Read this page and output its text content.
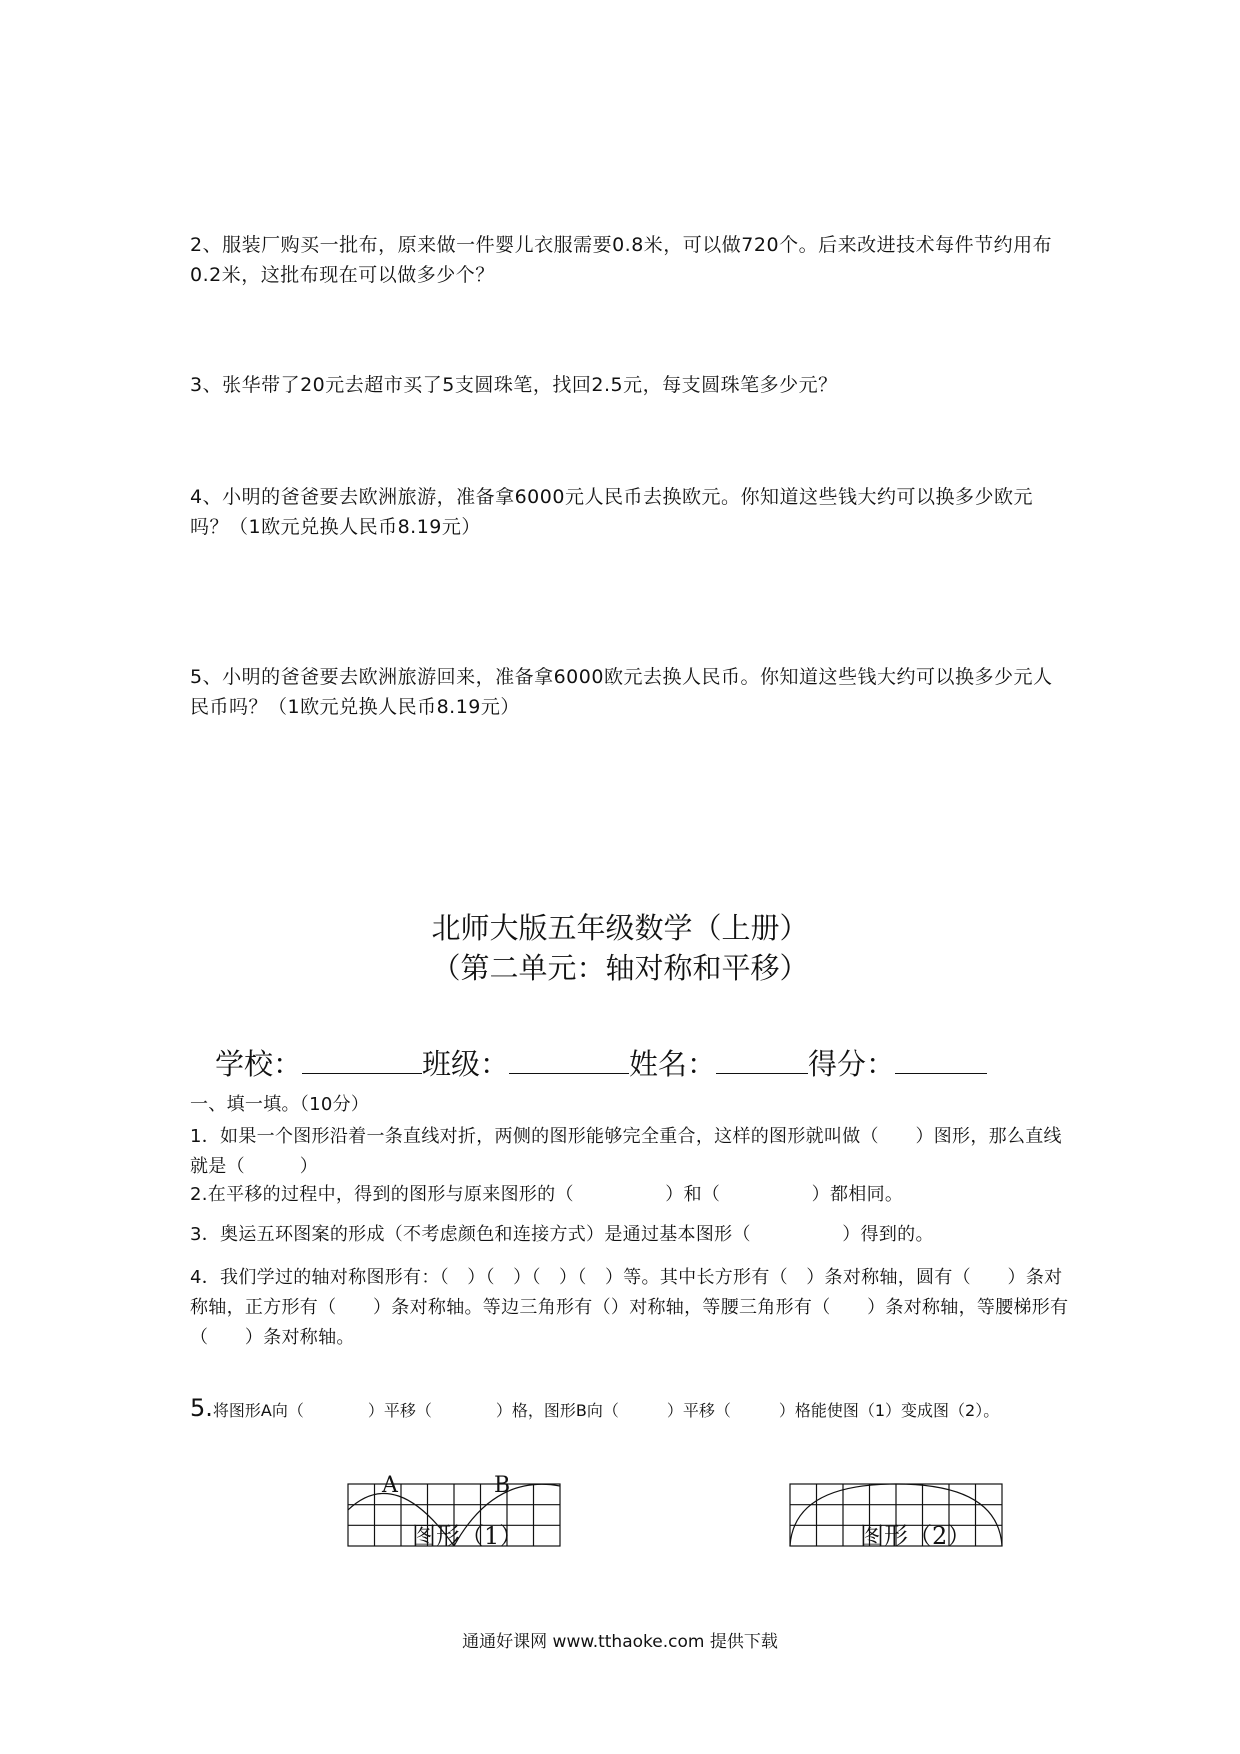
2、服装厂购买一批布，原来做一件婴儿衣服需要0.8米，可以做720个。后来改进技术每件节约用布0.2米，这批布现在可以做多少个？
3、张华带了20元去超市买了5支圆珠笔，找回2.5元，每支圆珠笔多少元？
4、小明的爸爸要去欧洲旅游，准备拿6000元人民币去换欧元。你知道这些钱大约可以换多少欧元吗？（1欧元兑换人民币8.19元）
5、小明的爸爸要去欧洲旅游回来，准备拿6000欧元去换人民币。你知道这些钱大约可以换多少元人民币吗？（1欧元兑换人民币8.19元）
北师大版五年级数学（上册）
（第二单元：轴对称和平移）
学校：	班级：	姓名：	得分：
一、填一填。（10分）
1．如果一个图形沿着一条直线对折，两侧的图形能够完全重合，这样的图形就叫做（　　）图形，那么直线就是（　　　）
2.在平移的过程中，得到的图形与原来图形的（　　　　　）和（　　　　　）都相同。
3．奥运五环图案的形成（不考虑颜色和连接方式）是通过基本图形（　　　　　）得到的。
4．我们学过的轴对称图形有：（　）（　）（　）（　）等。其中长方形有（　）条对称轴，圆有（　　）条对称轴，正方形有（　　）条对称轴。等边三角形有（）对称轴，等腰三角形有（　　）条对称轴，等腰梯形有（　　）条对称轴。
5.将图形A向（　　　　）平移（　　　　）格，图形B向（　　　）平移（　　　）格能使图（1）变成图（2）。
A	B
图形（1）	图形（2）
通通好课网 www.tthaoke.com 提供下载
